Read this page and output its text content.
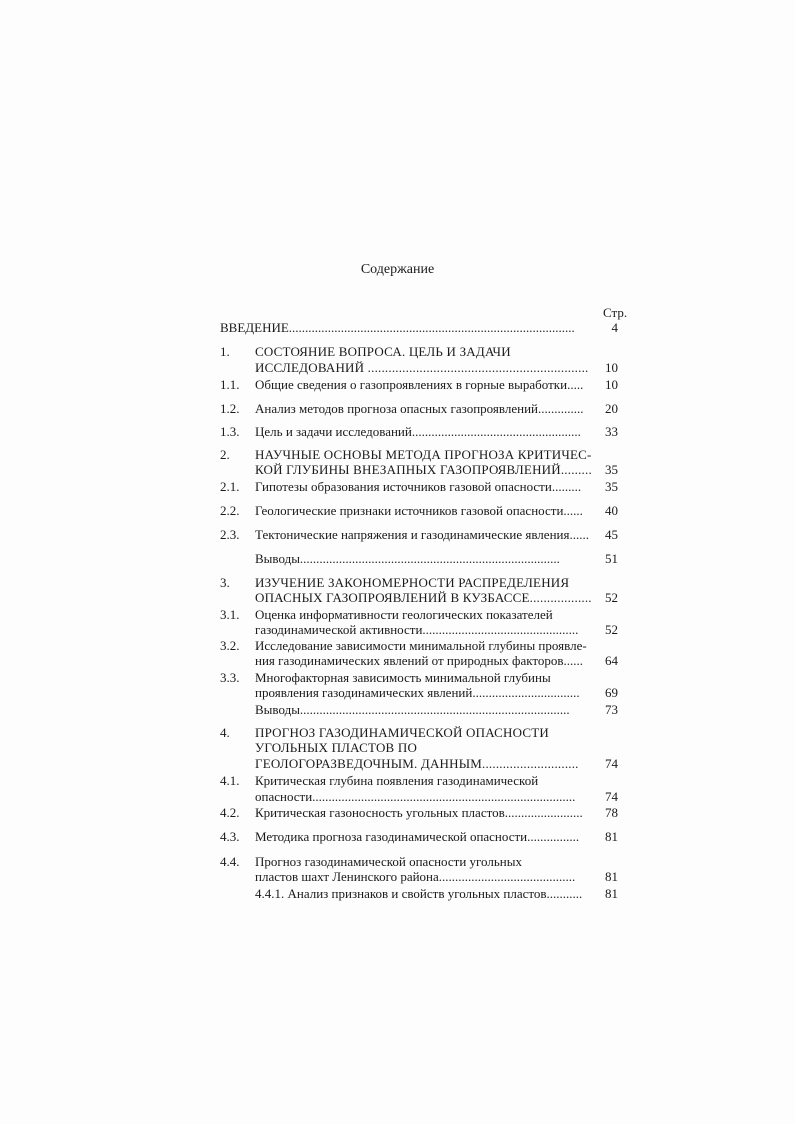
Содержание
Стр.
ВВЕДЕНИЕ........................................................................................	4
1. СОСТОЯНИЕ ВОПРОСА. ЦЕЛЬ И ЗАДАЧИ
ИССЛЕДОВАНИЙ ................................................................	10
1.1. Общие сведения о газопроявлениях в горные выработки.....	10
1.2. Анализ методов прогноза опасных газопроявлений..............	20
1.3. Цель и задачи исследований....................................................	33
2. НАУЧНЫЕ ОСНОВЫ МЕТОДА ПРОГНОЗА КРИТИЧЕС-
КОЙ ГЛУБИНЫ ВНЕЗАПНЫХ ГАЗОПРОЯВЛЕНИЙ......... 35
2.1. Гипотезы образования источников газовой опасности.........	35
2.2. Геологические признаки источников газовой опасности......	40
2.3. Тектонические напряжения и газодинамические явления......	45
Выводы................................................................................	51
3. ИЗУЧЕНИЕ ЗАКОНОМЕРНОСТИ РАСПРЕДЕЛЕНИЯ
ОПАСНЫХ ГАЗОПРОЯВЛЕНИЙ В КУЗБАССЕ.................. 52
3.1. Оценка информативности геологических показателей
газодинамической активности................................................	52
3.2. Исследование зависимости минимальной глубины проявле-
ния газодинамических явлений от природных факторов......	64
3.3. Многофакторная зависимость минимальной глубины
проявления газодинамических явлений.................................	69
Выводы...................................................................................	73
4. ПРОГНОЗ ГАЗОДИНАМИЧЕСКОЙ ОПАСНОСТИ
УГОЛЬНЫХ ПЛАСТОВ ПО
ГЕОЛОГОРАЗВЕДОЧНЫМ. ДАННЫМ............................	74
4.1. Критическая глубина появления газодинамической
опасности.................................................................................	74
4.2. Критическая газоносность угольных пластов........................	78
4.3. Методика прогноза газодинамической опасности................	81
4.4. Прогноз газодинамической опасности угольных
пластов шахт Ленинского района..........................................	81
4.4.1. Анализ признаков и свойств угольных пластов...........	81
